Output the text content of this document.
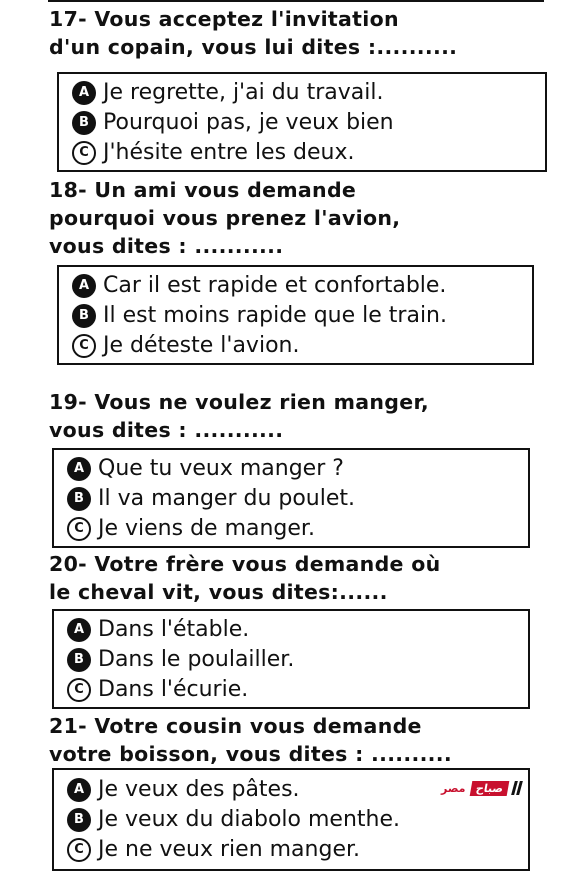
17- Vous acceptez l'invitation
d'un copain, vous lui dites :..........
A Je regrette, j'ai du travail.
B Pourquoi pas, je veux bien
C J'hésite entre les deux.
18- Un ami vous demande
pourquoi vous prenez l'avion,
vous dites : ...........
A Car il est rapide et confortable.
B Il est moins rapide que le train.
C Je déteste l'avion.
19- Vous ne voulez rien manger,
vous dites : ...........
A Que tu veux manger ?
B Il va manger du poulet.
C Je viens de manger.
20- Votre frère vous demande où
le cheval vit, vous dites:......
A Dans l'étable.
B Dans le poulailler.
C Dans l'écurie.
21- Votre cousin vous demande
votre boisson, vous dites : ..........
A Je veux des pâtes.
B Je veux du diabolo menthe.
C Je ne veux rien manger.
مصر صباح
